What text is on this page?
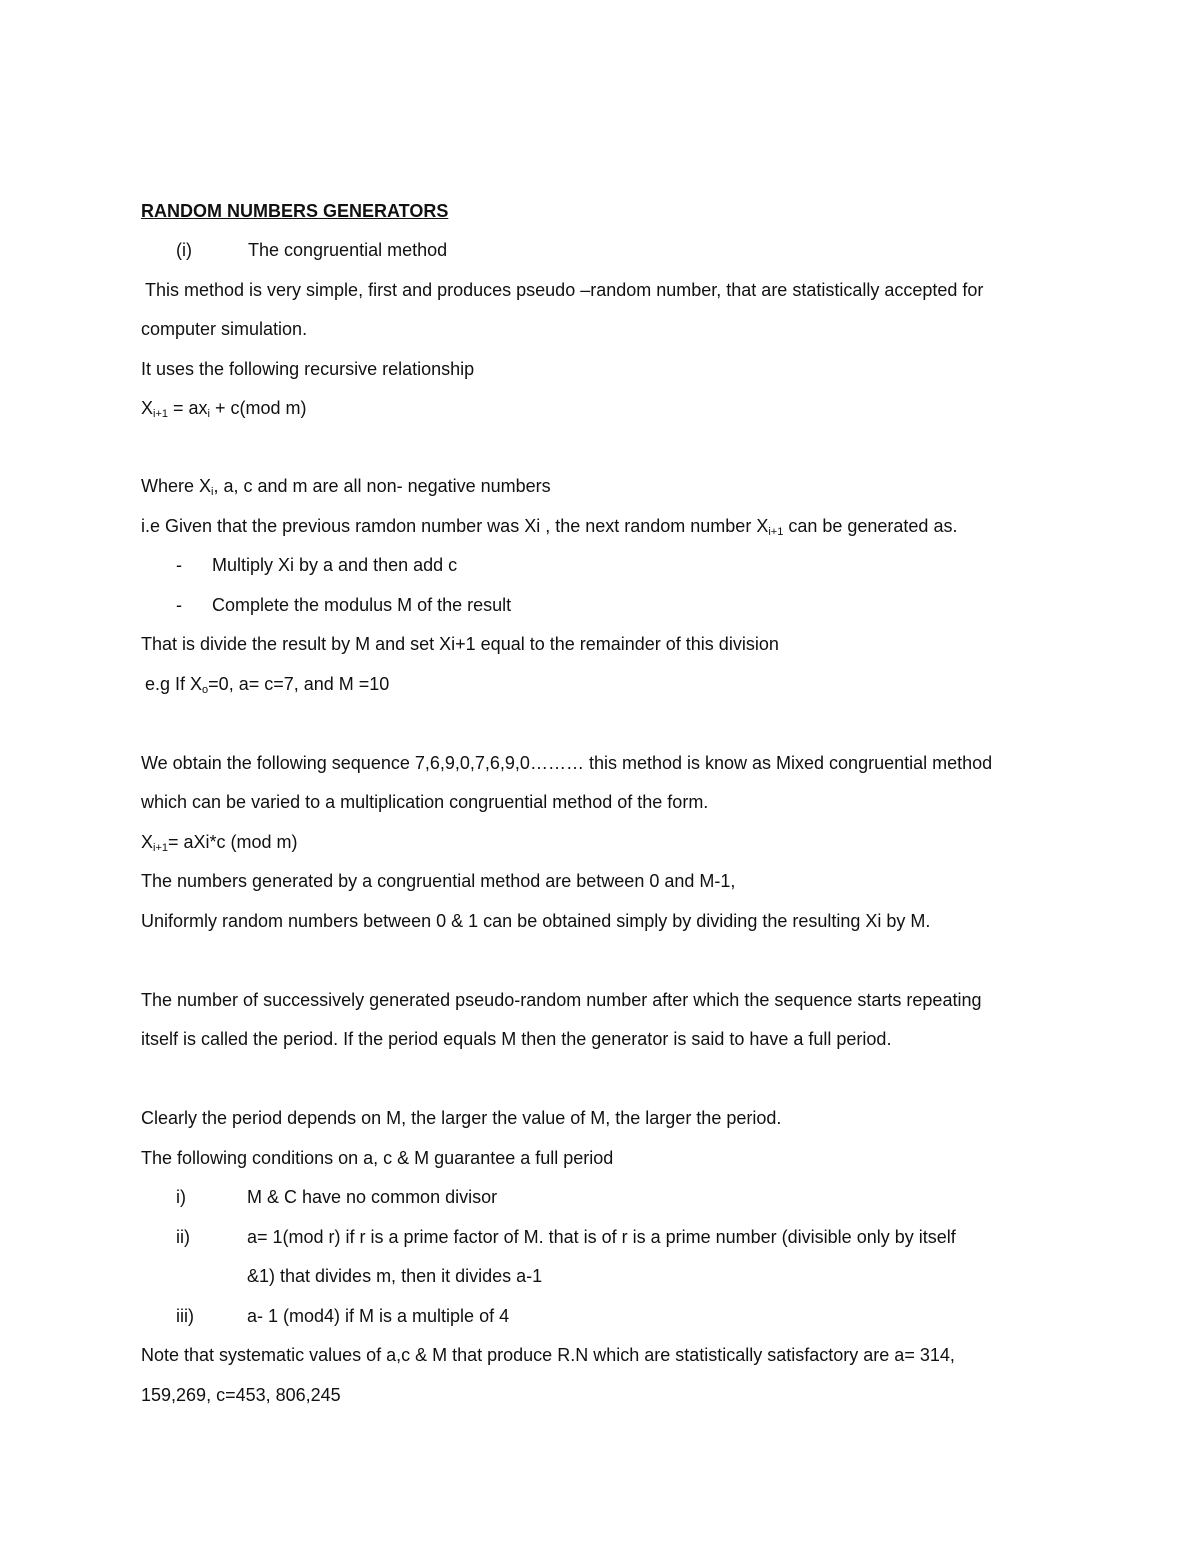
RANDOM NUMBERS GENERATORS
(i)	The congruential method
This method is very simple, first and produces pseudo –random number, that are statistically accepted for
computer simulation.
It uses the following recursive relationship
$X_{i+1} = ax_i + c(mod$ m)
Where $X_i$, a, c and m are all non- negative numbers
i.e Given that the previous ramdon number was Xi , the next random number $X_{i+1}$ can be generated as.
- Multiply Xi by a and then add c
- Complete the modulus M of the result
That is divide the result by M and set Xi+1 equal to the remainder of this division
e.g If $X_o=0$, a= c=7, and M =10
We obtain the following sequence 7,6,9,0,7,6,9,0……… this method is know as Mixed congruential method
which can be varied to a multiplication congruential method of the form.
$X_{i+1}= aXi*c$ (mod m)
The numbers generated by a congruential method are between 0 and M-1,
Uniformly random numbers between 0 & 1 can be obtained simply by dividing the resulting Xi by M.
The number of successively generated pseudo-random number after which the sequence starts repeating
itself is called the period. If the period equals M then the generator is said to have a full period.
Clearly the period depends on M, the larger the value of M, the larger the period.
The following conditions on a, c & M guarantee a full period
i)	M & C have no common divisor
ii)	a= 1(mod r) if r is a prime factor of M. that is of r is a prime number (divisible only by itself
&1) that divides m, then it divides a-1
iii)	a- 1 (mod4) if M is a multiple of 4
Note that systematic values of a,c & M that produce R.N which are statistically satisfactory are a= 314,
159,269, c=453, 806,245
